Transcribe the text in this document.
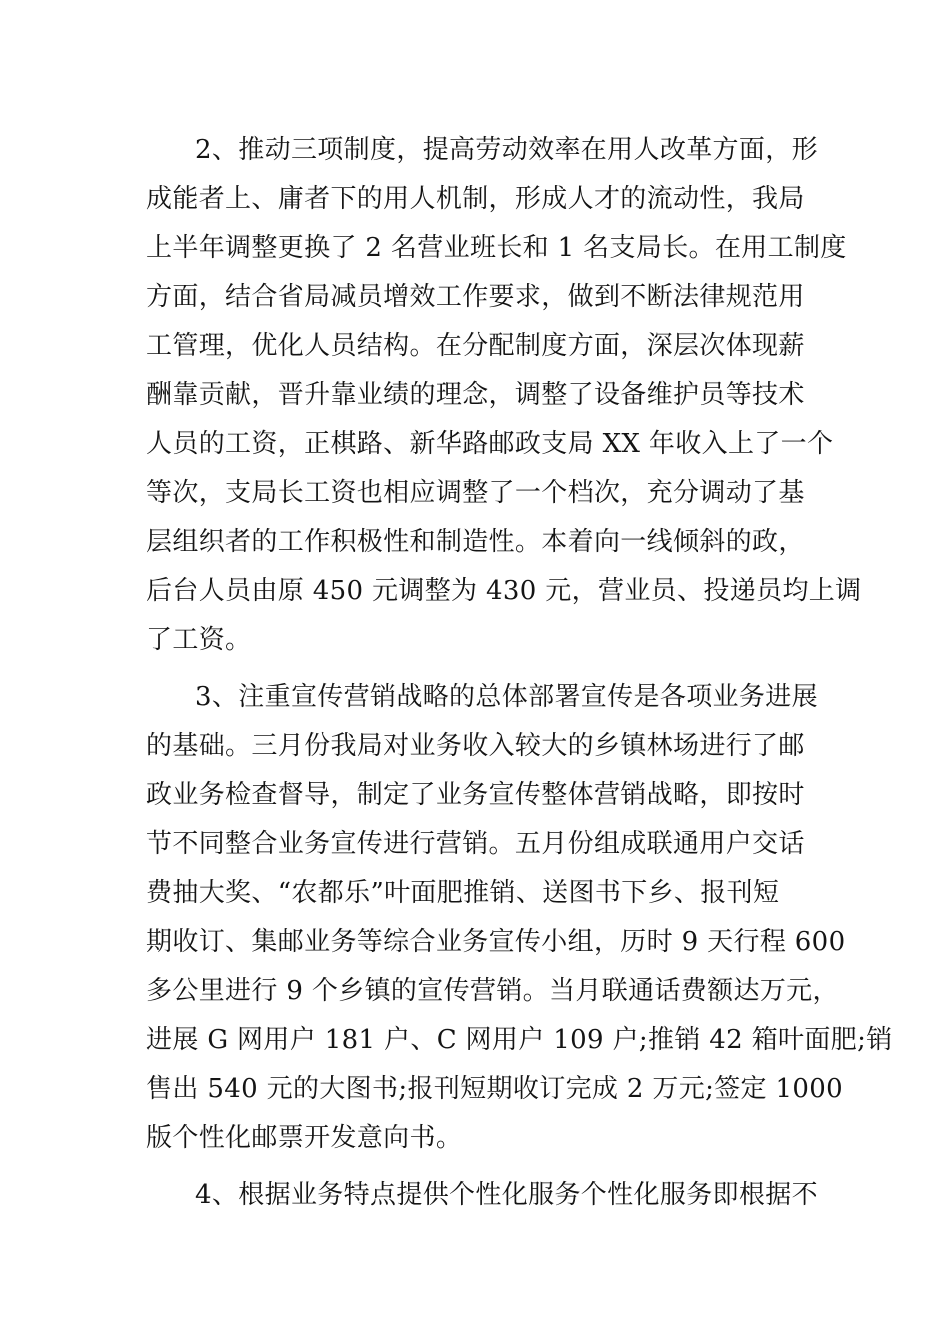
2、推动三项制度，提高劳动效率在用人改革方面，形
成能者上、庸者下的用人机制，形成人才的流动性，我局
上半年调整更换了 2 名营业班长和 1 名支局长。在用工制度
方面，结合省局减员增效工作要求，做到不断法律规范用
工管理，优化人员结构。在分配制度方面，深层次体现薪
酬靠贡献，晋升靠业绩的理念，调整了设备维护员等技术
人员的工资，正棋路、新华路邮政支局 XX 年收入上了一个
等次，支局长工资也相应调整了一个档次，充分调动了基
层组织者的工作积极性和制造性。本着向一线倾斜的政，
后台人员由原 450 元调整为 430 元，营业员、投递员均上调
了工资。
3、注重宣传营销战略的总体部署宣传是各项业务进展
的基础。三月份我局对业务收入较大的乡镇林场进行了邮
政业务检查督导，制定了业务宣传整体营销战略，即按时
节不同整合业务宣传进行营销。五月份组成联通用户交话
费抽大奖、“农都乐”叶面肥推销、送图书下乡、报刊短
期收订、集邮业务等综合业务宣传小组，历时 9 天行程 600
多公里进行 9 个乡镇的宣传营销。当月联通话费额达万元，
进展 G 网用户 181 户、C 网用户 109 户;推销 42 箱叶面肥;销
售出 540 元的大图书;报刊短期收订完成 2 万元;签定 1000
版个性化邮票开发意向书。
4、根据业务特点提供个性化服务个性化服务即根据不
